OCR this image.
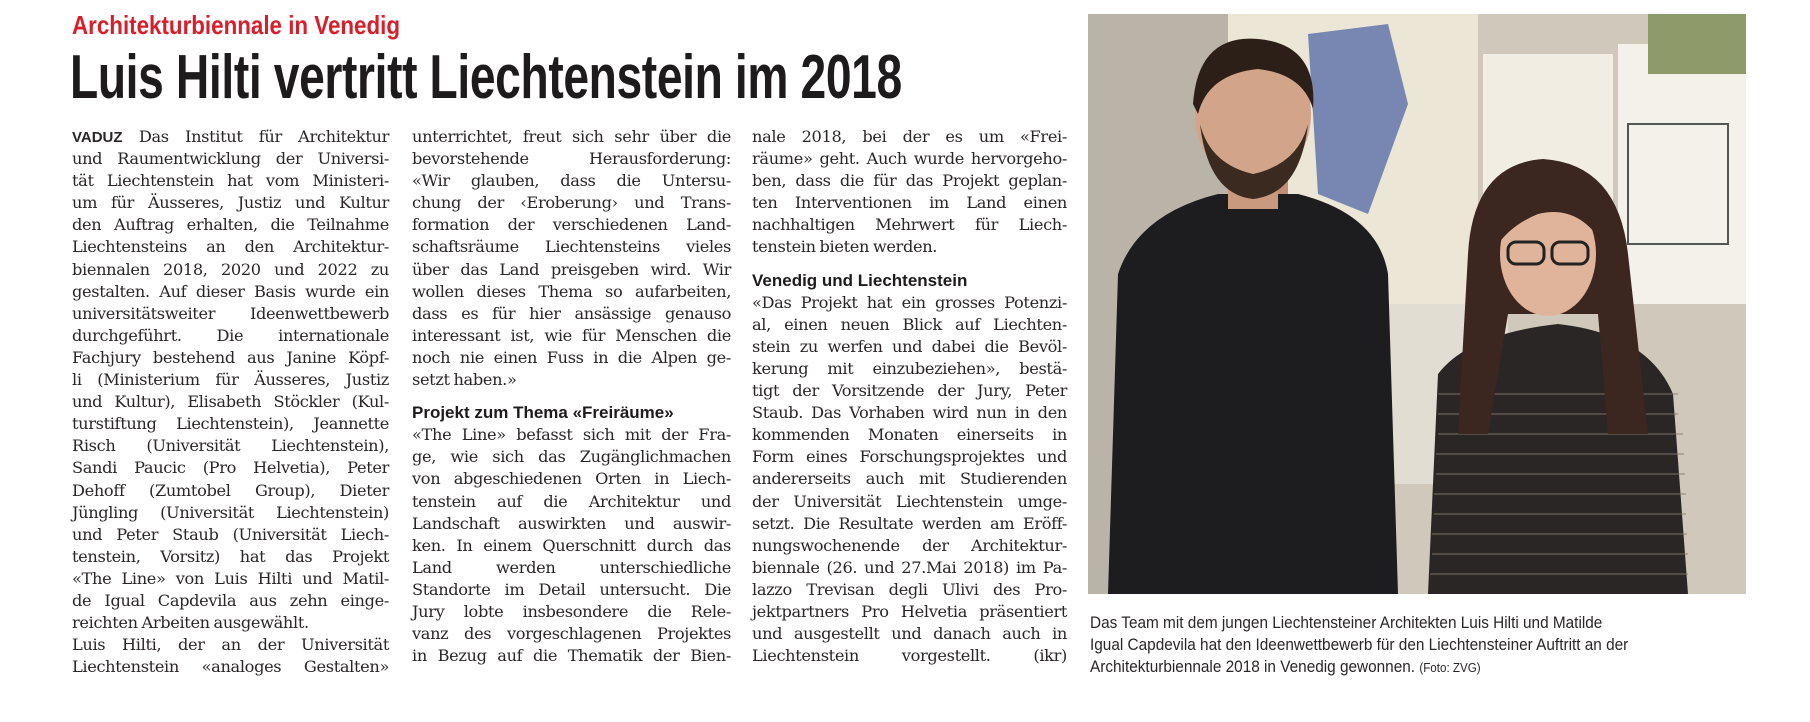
Architekturbiennale in Venedig
Luis Hilti vertritt Liechtenstein im 2018
VADUZ Das Institut für Architektur
und Raumentwicklung der Universi-
tät Liechtenstein hat vom Ministeri-
um für Äusseres, Justiz und Kultur
den Auftrag erhalten, die Teilnahme
Liechtensteins an den Architektur-
biennalen 2018, 2020 und 2022 zu
gestalten. Auf dieser Basis wurde ein
universitätsweiter Ideenwettbewerb
durchgeführt. Die internationale
Fachjury bestehend aus Janine Köpf-
li (Ministerium für Äusseres, Justiz
und Kultur), Elisabeth Stöckler (Kul-
turstiftung Liechtenstein), Jeannette
Risch (Universität Liechtenstein),
Sandi Paucic (Pro Helvetia), Peter
Dehoff (Zumtobel Group), Dieter
Jüngling (Universität Liechtenstein)
und Peter Staub (Universität Liech-
tenstein, Vorsitz) hat das Projekt
«The Line» von Luis Hilti und Matil-
de Igual Capdevila aus zehn einge-
reichten Arbeiten ausgewählt.
Luis Hilti, der an der Universität
Liechtenstein «analoges Gestalten»
unterrichtet, freut sich sehr über die
bevorstehende Herausforderung:
«Wir glauben, dass die Untersu-
chung der ‹Eroberung› und Trans-
formation der verschiedenen Land-
schaftsräume Liechtensteins vieles
über das Land preisgeben wird. Wir
wollen dieses Thema so aufarbeiten,
dass es für hier ansässige genauso
interessant ist, wie für Menschen die
noch nie einen Fuss in die Alpen ge-
setzt haben.»
Projekt zum Thema «Freiräume»
«The Line» befasst sich mit der Fra-
ge, wie sich das Zugänglichmachen
von abgeschiedenen Orten in Liech-
tenstein auf die Architektur und
Landschaft auswirkten und auswir-
ken. In einem Querschnitt durch das
Land werden unterschiedliche
Standorte im Detail untersucht. Die
Jury lobte insbesondere die Rele-
vanz des vorgeschlagenen Projektes
in Bezug auf die Thematik der Bien-
nale 2018, bei der es um «Frei-
räume» geht. Auch wurde hervorgeho-
ben, dass die für das Projekt geplan-
ten Interventionen im Land einen
nachhaltigen Mehrwert für Liech-
tenstein bieten werden.
Venedig und Liechtenstein
«Das Projekt hat ein grosses Potenzi-
al, einen neuen Blick auf Liechten-
stein zu werfen und dabei die Bevöl-
kerung mit einzubeziehen», bestä-
tigt der Vorsitzende der Jury, Peter
Staub. Das Vorhaben wird nun in den
kommenden Monaten einerseits in
Form eines Forschungsprojektes und
andererseits auch mit Studierenden
der Universität Liechtenstein umge-
setzt. Die Resultate werden am Eröff-
nungswochenende der Architektur-
biennale (26. und 27.Mai 2018) im Pa-
lazzo Trevisan degli Ulivi des Pro-
jektpartners Pro Helvetia präsentiert
und ausgestellt und danach auch in
Liechtenstein vorgestellt. (ikr)
Das Team mit dem jungen Liechtensteiner Architekten Luis Hilti und Matilde
Igual Capdevila hat den Ideenwettbewerb für den Liechtensteiner Auftritt an der
Architekturbiennale 2018 in Venedig gewonnen. (Foto: ZVG)
